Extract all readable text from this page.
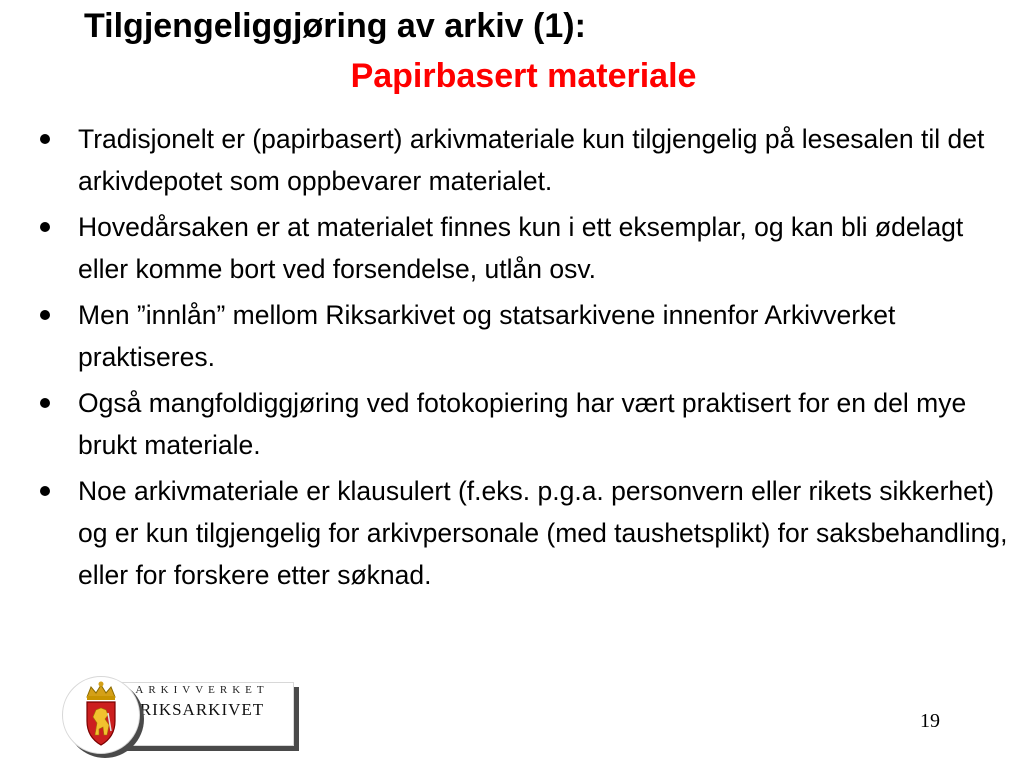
Tilgjengeliggjøring av arkiv (1):
Papirbasert materiale
Tradisjonelt er (papirbasert) arkivmateriale kun tilgjengelig på lesesalen til det arkivdepotet som oppbevarer materialet.
Hovedårsaken er at materialet finnes kun i ett eksemplar, og kan bli ødelagt eller komme bort ved forsendelse, utlån osv.
Men ”innlån” mellom Riksarkivet og statsarkivene innenfor Arkivverket praktiseres.
Også mangfoldiggjøring ved fotokopiering har vært praktisert for en del mye brukt materiale.
Noe arkivmateriale er klausulert (f.eks. p.g.a. personvern eller rikets sikkerhet) og er kun tilgjengelig for arkivpersonale (med taushetsplikt) for saksbehandling, eller for forskere etter søknad.
ARKIVVERKET
RIKSARKIVET
19
